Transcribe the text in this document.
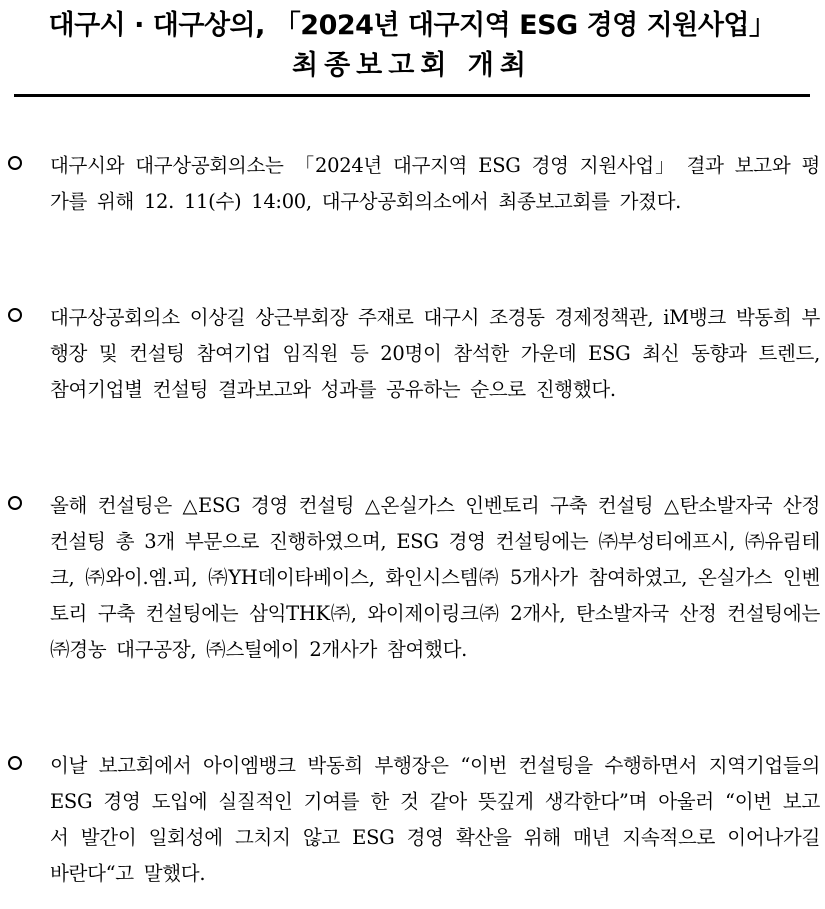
대구시 · 대구상의, 「2024년 대구지역 ESG 경영 지원사업」
최종보고회 개최

대구시와 대구상공회의소는 「2024년 대구지역 ESG 경영 지원사업」 결과 보고와 평가를 위해 12. 11(수) 14:00, 대구상공회의소에서 최종보고회를 가졌다.

대구상공회의소 이상길 상근부회장 주재로 대구시 조경동 경제정책관, iM뱅크 박동희 부행장 및 컨설팅 참여기업 임직원 등 20명이 참석한 가운데 ESG 최신 동향과 트렌드, 참여기업별 컨설팅 결과보고와 성과를 공유하는 순으로 진행했다.

올해 컨설팅은 △ESG 경영 컨설팅 △온실가스 인벤토리 구축 컨설팅 △탄소발자국 산정 컨설팅 총 3개 부문으로 진행하였으며, ESG 경영 컨설팅에는 ㈜부성티에프시, ㈜유림테크, ㈜와이.엠.피, ㈜YH데이타베이스, 화인시스템㈜ 5개사가 참여하였고, 온실가스 인벤토리 구축 컨설팅에는 삼익THK㈜, 와이제이링크㈜ 2개사, 탄소발자국 산정 컨설팅에는 ㈜경농 대구공장, ㈜스틸에이 2개사가 참여했다.

이날 보고회에서 아이엠뱅크 박동희 부행장은 “이번 컨설팅을 수행하면서 지역기업들의 ESG 경영 도입에 실질적인 기여를 한 것 같아 뜻깊게 생각한다”며 아울러 “이번 보고서 발간이 일회성에 그치지 않고 ESG 경영 확산을 위해 매년 지속적으로 이어나가길 바란다“고 말했다.
